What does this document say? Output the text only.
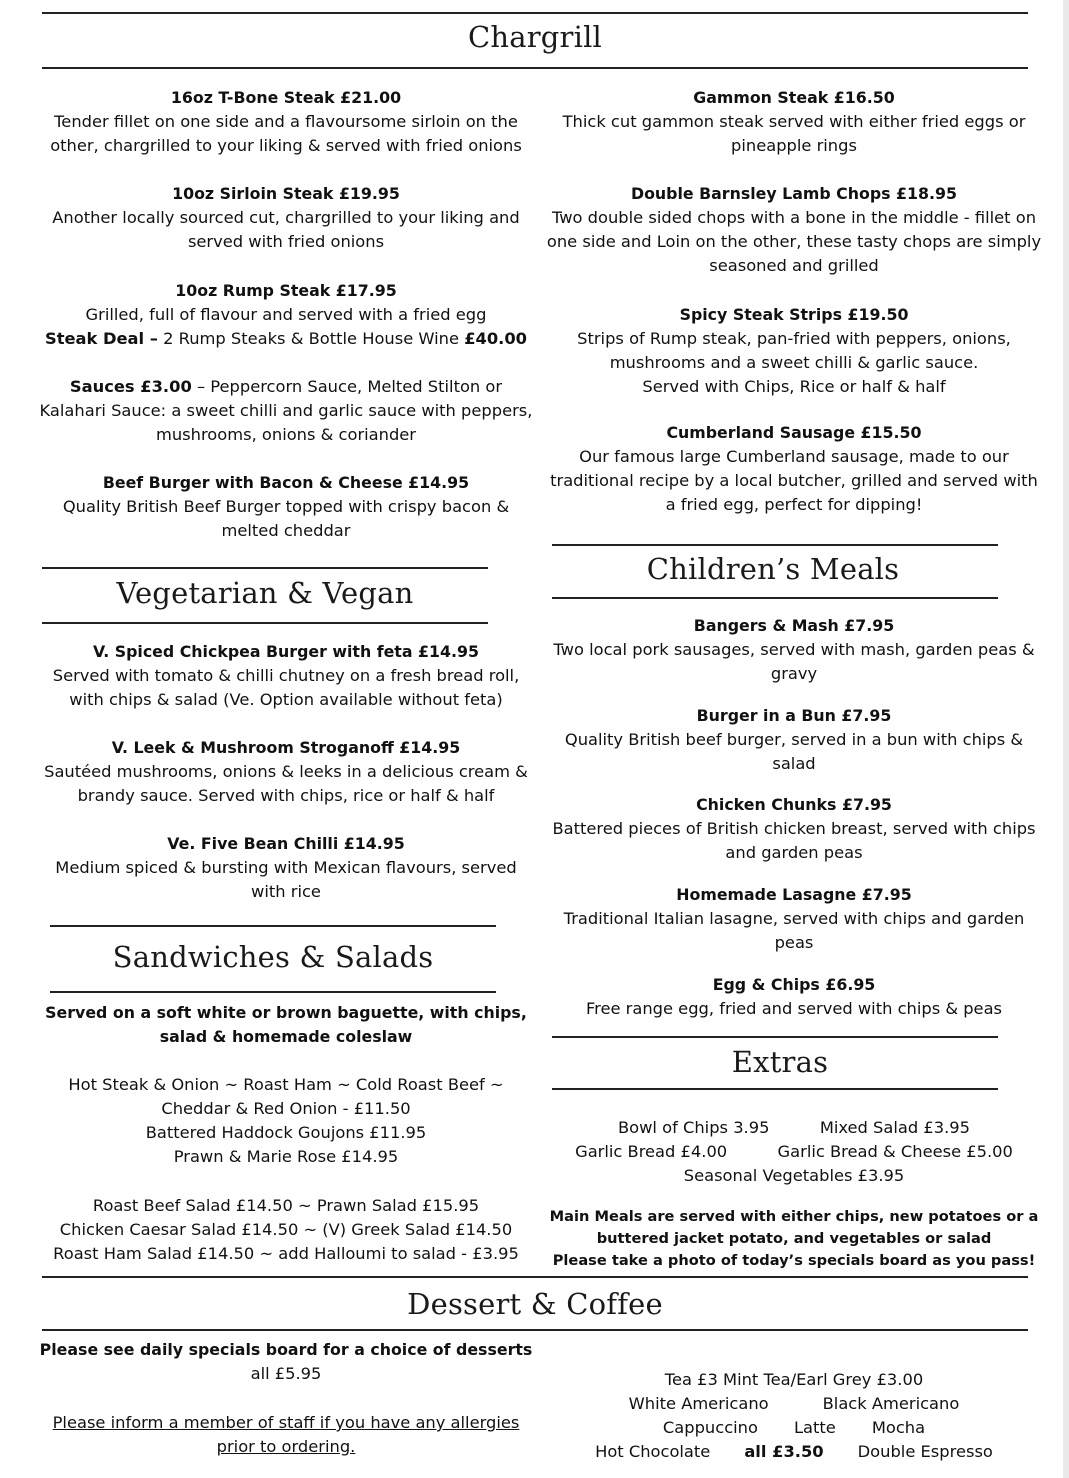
Chargrill
16oz T-Bone Steak £21.00
Tender fillet on one side and a flavoursome sirloin on the
other, chargrilled to your liking & served with fried onions
10oz Sirloin Steak £19.95
Another locally sourced cut, chargrilled to your liking and
served with fried onions
10oz Rump Steak £17.95
Grilled, full of flavour and served with a fried egg
Steak Deal – 2 Rump Steaks & Bottle House Wine £40.00
Sauces £3.00 – Peppercorn Sauce, Melted Stilton or
Kalahari Sauce: a sweet chilli and garlic sauce with peppers,
mushrooms, onions & coriander
Beef Burger with Bacon & Cheese £14.95
Quality British Beef Burger topped with crispy bacon &
melted cheddar
Gammon Steak £16.50
Thick cut gammon steak served with either fried eggs or
pineapple rings
Double Barnsley Lamb Chops £18.95
Two double sided chops with a bone in the middle - fillet on
one side and Loin on the other, these tasty chops are simply
seasoned and grilled
Spicy Steak Strips £19.50
Strips of Rump steak, pan-fried with peppers, onions,
mushrooms and a sweet chilli & garlic sauce.
Served with Chips, Rice or half & half
Cumberland Sausage £15.50
Our famous large Cumberland sausage, made to our
traditional recipe by a local butcher, grilled and served with
a fried egg, perfect for dipping!
Vegetarian & Vegan
V. Spiced Chickpea Burger with feta £14.95
Served with tomato & chilli chutney on a fresh bread roll,
with chips & salad (Ve. Option available without feta)
V. Leek & Mushroom Stroganoff £14.95
Sautéed mushrooms, onions & leeks in a delicious cream &
brandy sauce. Served with chips, rice or half & half
Ve. Five Bean Chilli £14.95
Medium spiced & bursting with Mexican flavours, served
with rice
Sandwiches & Salads
Served on a soft white or brown baguette, with chips,
salad & homemade coleslaw
Hot Steak & Onion ~ Roast Ham ~ Cold Roast Beef ~
Cheddar & Red Onion - £11.50
Battered Haddock Goujons £11.95
Prawn & Marie Rose £14.95
Roast Beef Salad £14.50 ~ Prawn Salad £15.95
Chicken Caesar Salad £14.50 ~ (V) Greek Salad £14.50
Roast Ham Salad £14.50 ~ add Halloumi to salad - £3.95
Children’s Meals
Bangers & Mash £7.95
Two local pork sausages, served with mash, garden peas &
gravy
Burger in a Bun £7.95
Quality British beef burger, served in a bun with chips &
salad
Chicken Chunks £7.95
Battered pieces of British chicken breast, served with chips
and garden peas
Homemade Lasagne £7.95
Traditional Italian lasagne, served with chips and garden
peas
Egg & Chips £6.95
Free range egg, fried and served with chips & peas
Extras
Bowl of Chips 3.95	Mixed Salad £3.95
Garlic Bread £4.00	Garlic Bread & Cheese £5.00
Seasonal Vegetables £3.95
Main Meals are served with either chips, new potatoes or a
buttered jacket potato, and vegetables or salad
Please take a photo of today’s specials board as you pass!
Dessert & Coffee
Please see daily specials board for a choice of desserts
all £5.95
Please inform a member of staff if you have any allergies
prior to ordering.
Tea £3 Mint Tea/Earl Grey £3.00
White Americano	Black Americano
Cappuccino Latte Mocha
Hot Chocolate all £3.50 Double Espresso
